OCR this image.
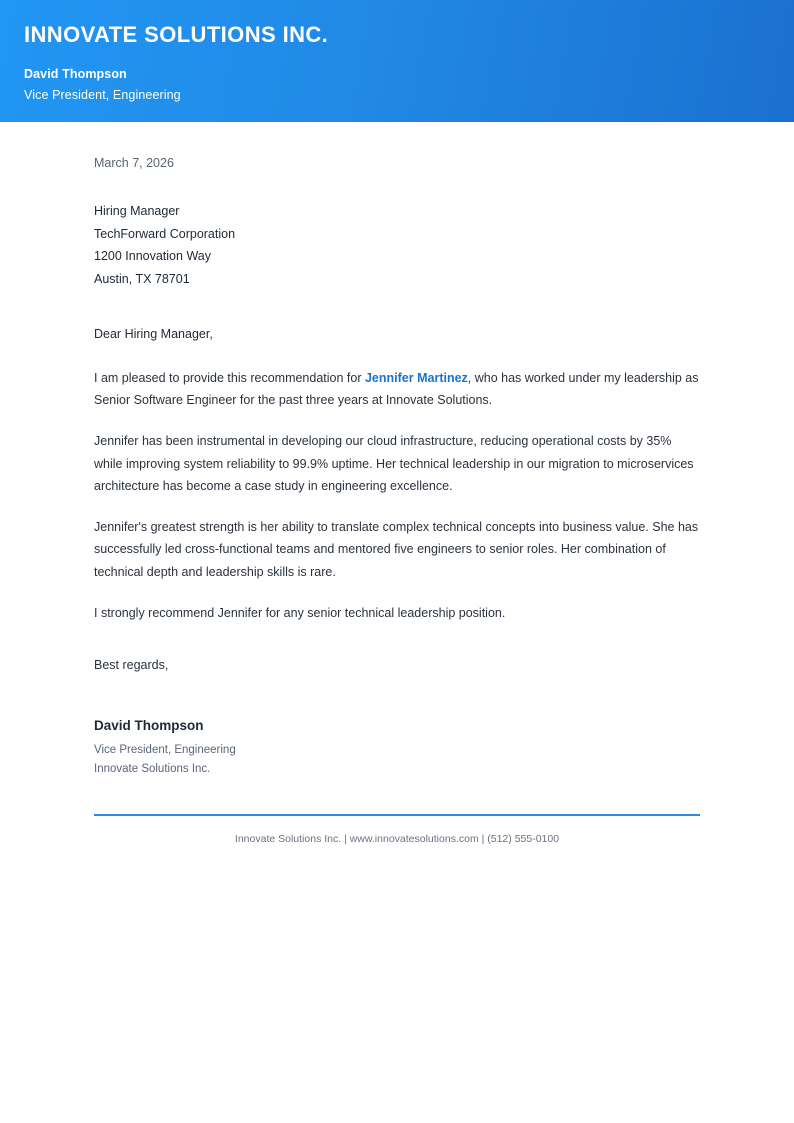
INNOVATE SOLUTIONS INC.
David Thompson
Vice President, Engineering
March 7, 2026
Hiring Manager
TechForward Corporation
1200 Innovation Way
Austin, TX 78701

Dear Hiring Manager,

I am pleased to provide this recommendation for Jennifer Martinez, who has worked under my leadership as Senior Software Engineer for the past three years at Innovate Solutions.

Jennifer has been instrumental in developing our cloud infrastructure, reducing operational costs by 35% while improving system reliability to 99.9% uptime. Her technical leadership in our migration to microservices architecture has become a case study in engineering excellence.

Jennifer's greatest strength is her ability to translate complex technical concepts into business value. She has successfully led cross-functional teams and mentored five engineers to senior roles. Her combination of technical depth and leadership skills is rare.

I strongly recommend Jennifer for any senior technical leadership position.

Best regards,

David Thompson
Vice President, Engineering
Innovate Solutions Inc.
Innovate Solutions Inc. | www.innovatesolutions.com | (512) 555-0100
